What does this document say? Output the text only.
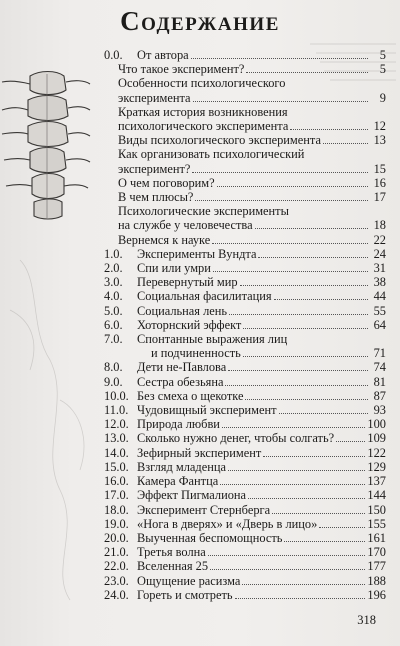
Содержание
0.0.	От автора	5
Что такое эксперимент?	5
Особенности психологического
эксперимента	9
Краткая история возникновения
психологического эксперимента	12
Виды психологического эксперимента	13
Как организовать психологический
эксперимент?	15
О чем поговорим?	16
В чем плюсы?	17
Психологические эксперименты
на службе у человечества	18
Вернемся к науке	22
1.0.	Эксперименты Вундта	24
2.0.	Спи или умри	31
3.0.	Перевернутый мир	38
4.0.	Социальная фасилитация	44
5.0.	Социальная лень	55
6.0.	Хоторнский эффект	64
7.0.	Спонтанные выражения лиц
и подчиненность	71
8.0.	Дети не-Павлова	74
9.0.	Сестра обезьяна	81
10.0. Без смеха о щекотке	87
11.0. Чудовищный эксперимент	93
12.0. Природа любви	100
13.0. Сколько нужно денег, чтобы солгать?	109
14.0. Зефирный эксперимент	122
15.0. Взгляд младенца	129
16.0. Камера Фантца	137
17.0. Эффект Пигмалиона	144
18.0. Эксперимент Стернберга	150
19.0. «Нога в дверях» и «Дверь в лицо»	155
20.0. Выученная беспомощность	161
21.0. Третья волна	170
22.0. Вселенная 25	177
23.0. Ощущение расизма	188
24.0. Гореть и смотреть	196
318
